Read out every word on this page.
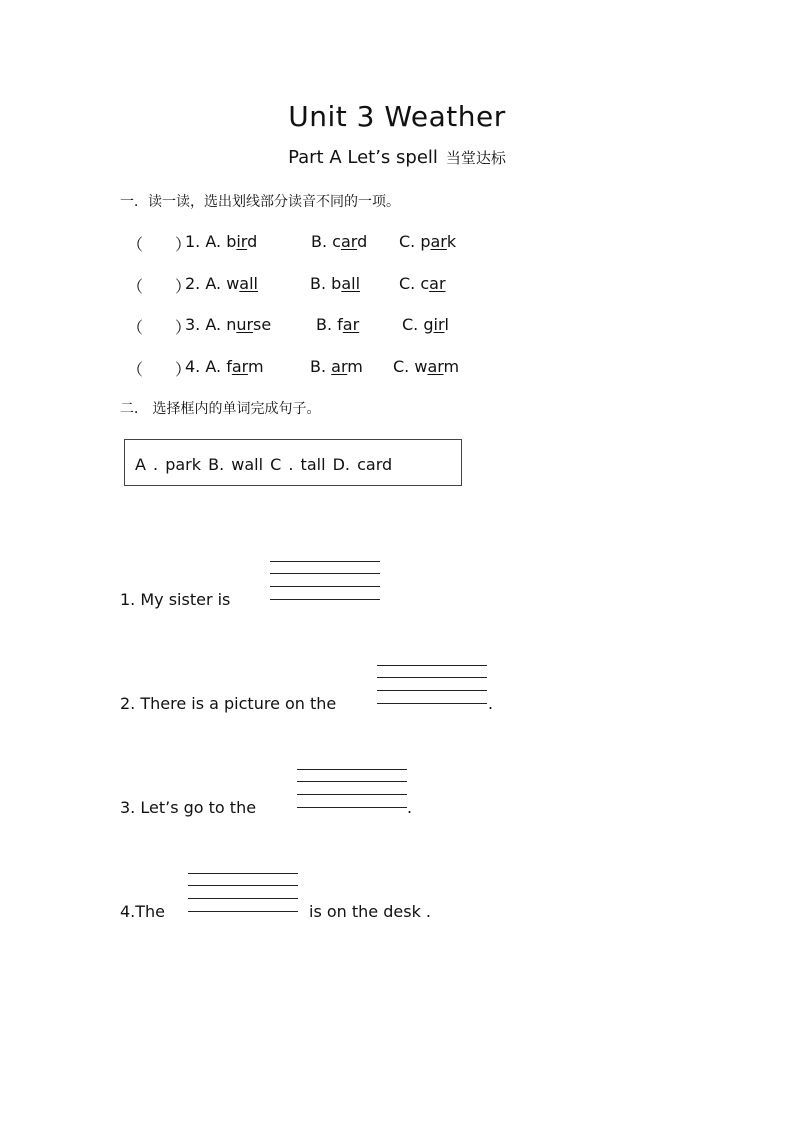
Unit 3 Weather
Part A Let’s spell 当堂达标
一．读一读，选出划线部分读音不同的一项。
（　　）
1. A. bird	B. card C. park
（　　）
2. A. wall	B. ball C. car
（　　）
3. A. nurse	B. far	C. girl
（　　）
4. A. farm	B. arm C. warm
二． 选择框内的单词完成句子。
A . park B. wall C . tall D. card
1. My sister is
2. There is a picture on the	.
3. Let’s go to the	.
4.The	is on the desk .
